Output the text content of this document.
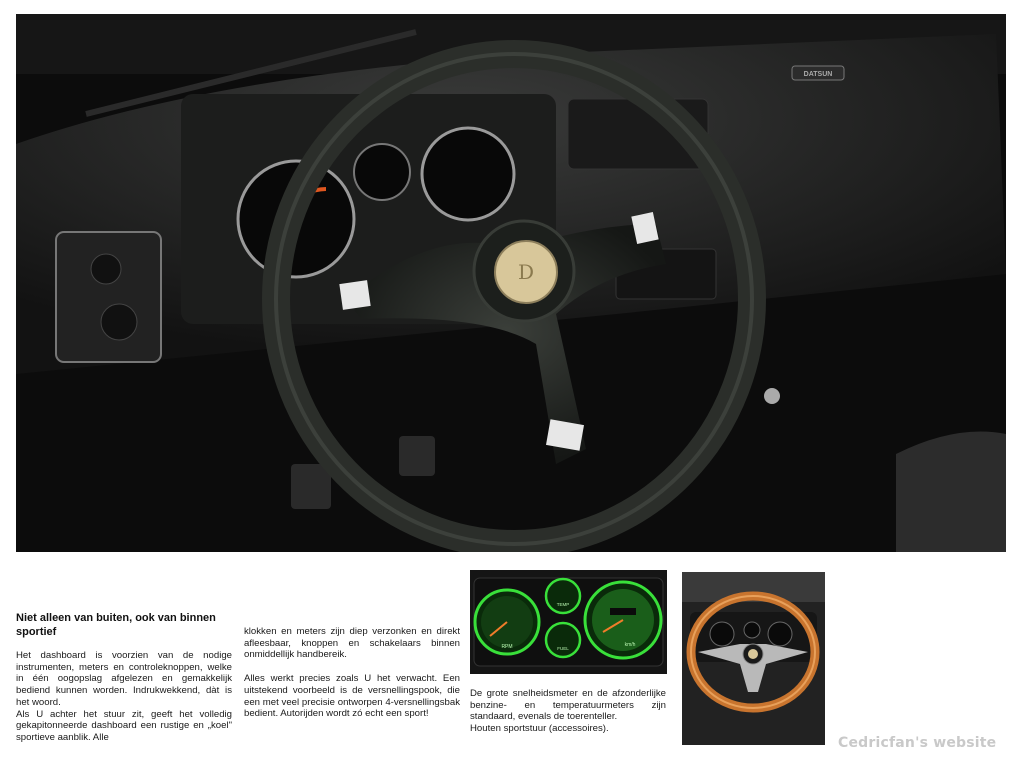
DATSUN
D
Niet alleen van buiten, ook van binnen sportief

Het dashboard is voorzien van de nodige instrumenten, meters en controleknoppen, welke in één oogopslag afgelezen en gemakkelijk bediend kunnen worden. Indrukwekkend, dàt is het woord.

Als U achter het stuur zit, geeft het volledig gekapitonneerde dashboard een rustige en „koel" sportieve aanblik. Alle

klokken en meters zijn diep verzonken en direkt afleesbaar, knoppen en schakelaars binnen onmiddellijk handbereik.

Alles werkt precies zoals U het verwacht. Een uitstekend voorbeeld is de versnellingspook, die een met veel precisie ontworpen 4-versnellingsbak bedient. Autorijden wordt zó echt een sport!

RPM
TEMP
FUEL
km/h

De grote snelheidsmeter en de afzonderlijke benzine- en temperatuurmeters zijn standaard, evenals de toerenteller.

Houten sportstuur (accessoires).

Cedricfan's website
